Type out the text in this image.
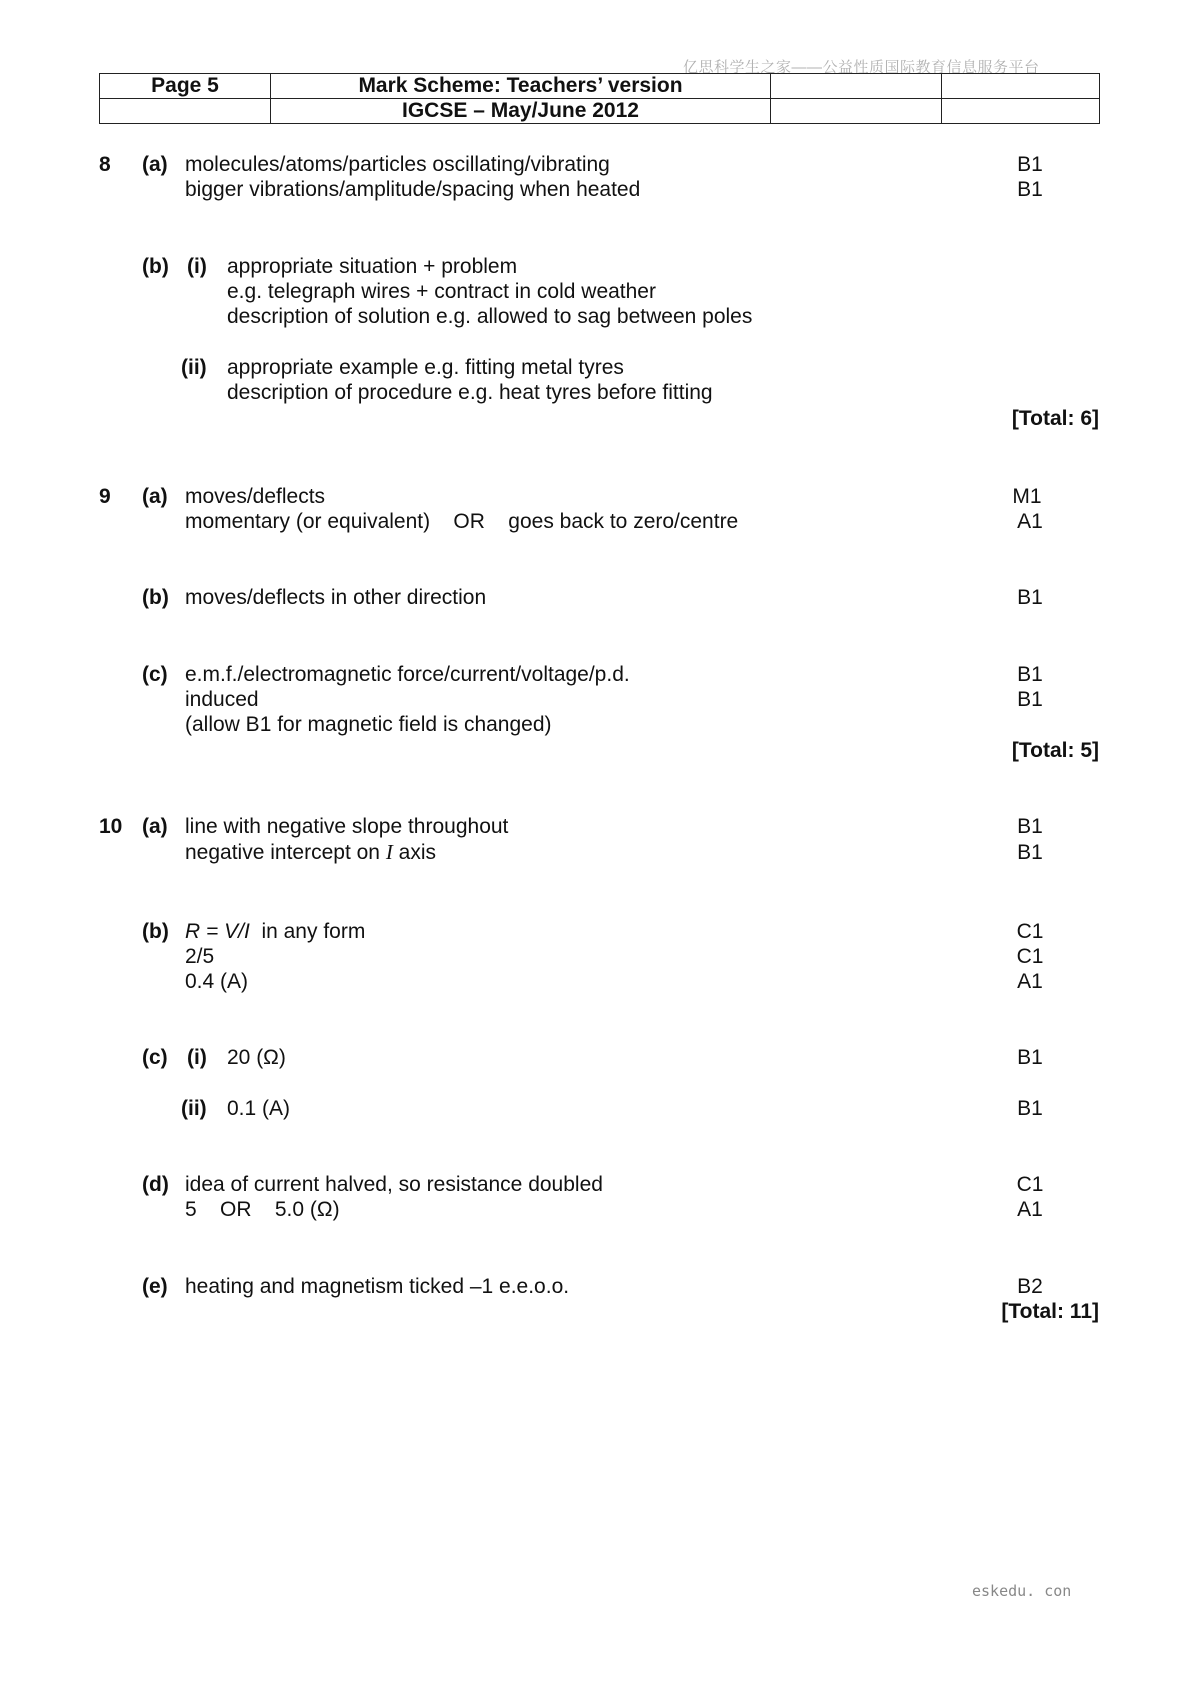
亿思科学生之家——公益性质国际教育信息服务平台
Page 5	Mark Scheme: Teachers’ version		
	IGCSE – May/June 2012		
8 (a) molecules/atoms/particles oscillating/vibrating	B1
bigger vibrations/amplitude/spacing when heated	B1
(b) (i) appropriate situation + problem
e.g. telegraph wires + contract in cold weather
description of solution e.g. allowed to sag between poles
(ii) appropriate example e.g. fitting metal tyres
description of procedure e.g. heat tyres before fitting
[Total: 6]
9 (a) moves/deflects	M1
momentary (or equivalent)    OR    goes back to zero/centre	A1
(b) moves/deflects in other direction	B1
(c) e.m.f./electromagnetic force/current/voltage/p.d.	B1
induced	B1
(allow B1 for magnetic field is changed)
[Total: 5]
10 (a) line with negative slope throughout	B1
negative intercept on I axis	B1
(b) R = V/I  in any form	C1
2/5	C1
0.4 (A)	A1
(c) (i) 20 (Ω)	B1
(ii) 0.1 (A)	B1
(d) idea of current halved, so resistance doubled	C1
5    OR    5.0 (Ω)	A1
(e) heating and magnetism ticked –1 e.e.o.o.	B2
[Total: 11]
eskedu. con
